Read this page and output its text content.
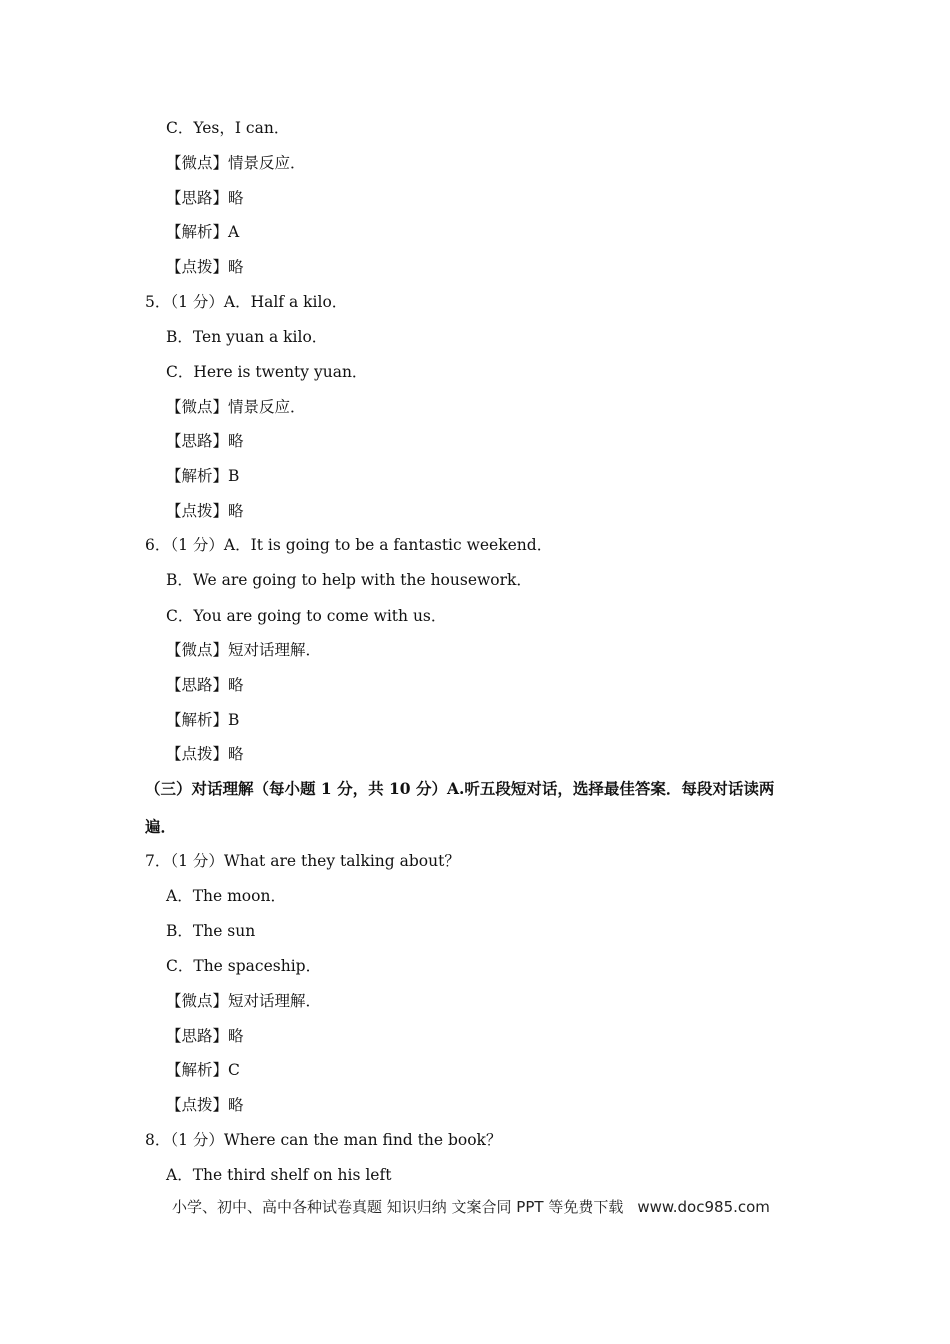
C．Yes，I can．
【微点】情景反应．
【思路】略
【解析】A
【点拨】略
5．（1 分）A．Half a kilo．
B．Ten yuan a kilo．
C．Here is twenty yuan．
【微点】情景反应．
【思路】略
【解析】B
【点拨】略
6．（1 分）A．It is going to be a fantastic weekend．
B．We are going to help with the housework．
C．You are going to come with us．
【微点】短对话理解．
【思路】略
【解析】B
【点拨】略
（三）对话理解（每小题 1 分，共 10 分）A.听五段短对话，选择最佳答案．每段对话读两
遍．
7．（1 分）What are they talking about？
A．The moon．
B．The sun
C．The spaceship．
【微点】短对话理解．
【思路】略
【解析】C
【点拨】略
8．（1 分）Where can the man find the book？
A．The third shelf on his left
小学、初中、高中各种试卷真题 知识归纳 文案合同 PPT 等免费下载 www.doc985.com
